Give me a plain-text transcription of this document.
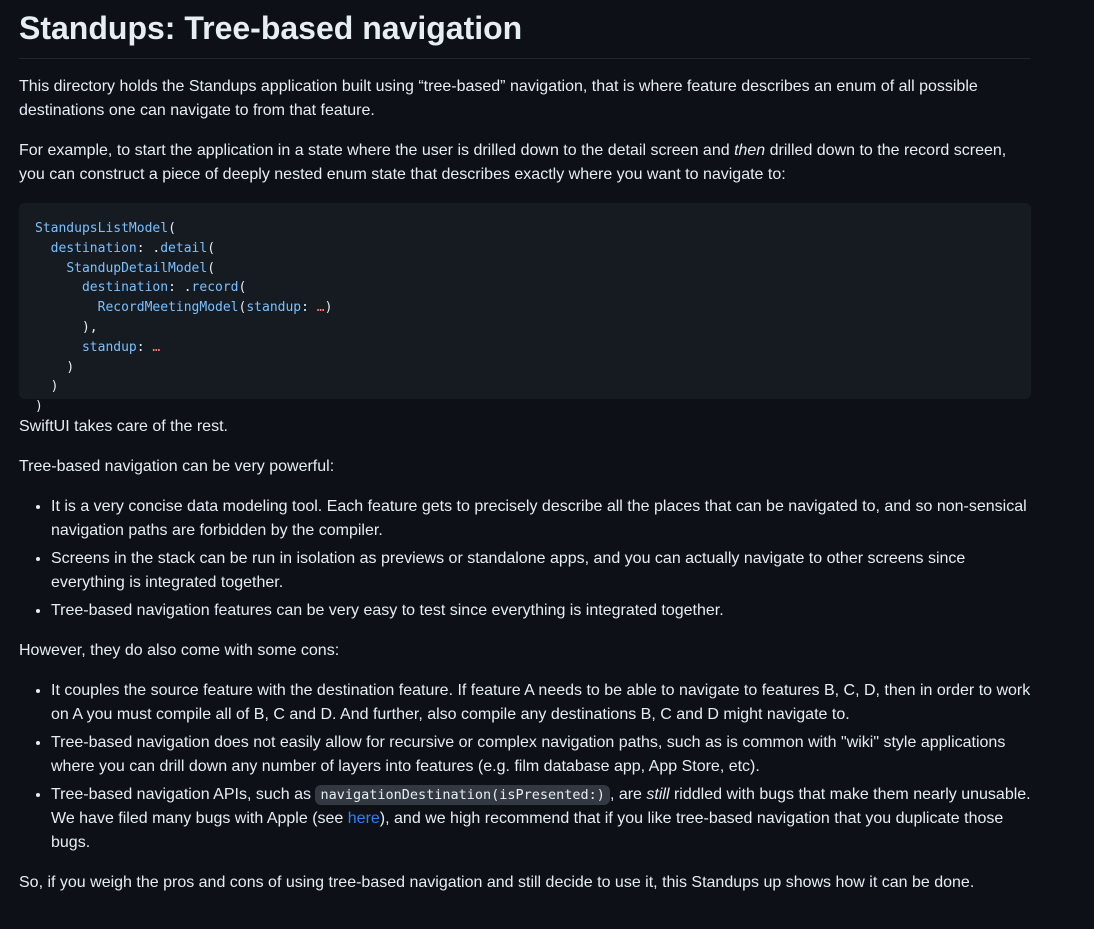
Standups: Tree-based navigation

This directory holds the Standups application built using “tree-based” navigation, that is where feature describes an enum of all possible destinations one can navigate to from that feature.

For example, to start the application in a state where the user is drilled down to the detail screen and then drilled down to the record screen, you can construct a piece of deeply nested enum state that describes exactly where you want to navigate to:

StandupsListModel(
destination: .detail(
StandupDetailModel(
destination: .record(
RecordMeetingModel(standup: …)
),
standup: …
)
)
)

SwiftUI takes care of the rest.

Tree-based navigation can be very powerful:

• It is a very concise data modeling tool. Each feature gets to precisely describe all the places that can be navigated to, and so non-sensical navigation paths are forbidden by the compiler.
• Screens in the stack can be run in isolation as previews or standalone apps, and you can actually navigate to other screens since everything is integrated together.
• Tree-based navigation features can be very easy to test since everything is integrated together.

However, they do also come with some cons:

• It couples the source feature with the destination feature. If feature A needs to be able to navigate to features B, C, D, then in order to work on A you must compile all of B, C and D. And further, also compile any destinations B, C and D might navigate to.
• Tree-based navigation does not easily allow for recursive or complex navigation paths, such as is common with "wiki" style applications where you can drill down any number of layers into features (e.g. film database app, App Store, etc).
• Tree-based navigation APIs, such as navigationDestination(isPresented:) , are still riddled with bugs that make them nearly unusable. We have filed many bugs with Apple (see here), and we high recommend that if you like tree-based navigation that you duplicate those bugs.

So, if you weigh the pros and cons of using tree-based navigation and still decide to use it, this Standups up shows how it can be done.
